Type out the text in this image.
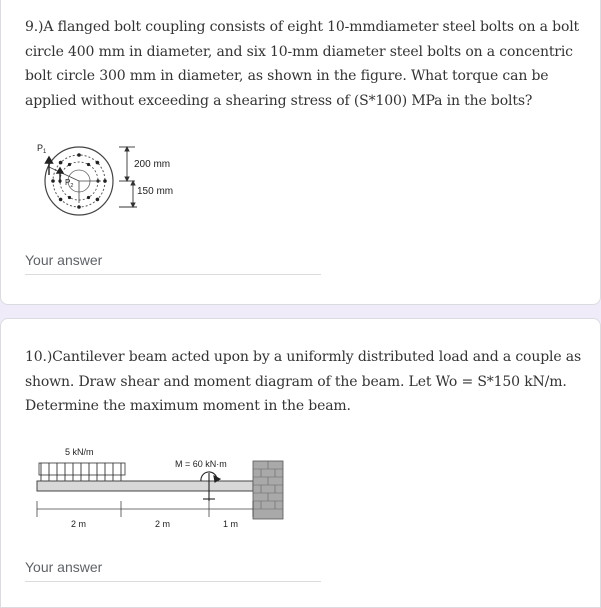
9.)A flanged bolt coupling consists of eight 10-mmdiameter steel bolts on a bolt circle 400 mm in diameter, and six 10-mm diameter steel bolts on a concentric bolt circle 300 mm in diameter, as shown in the figure. What torque can be applied without exceeding a shearing stress of (S*100) MPa in the bolts?
$P_1$
$P_2$
200 mm
150 mm
Your answer
10.)Cantilever beam acted upon by a uniformly distributed load and a couple as shown. Draw shear and moment diagram of the beam. Let Wo = S*150 kN/m. Determine the maximum moment in the beam.
5 kN/m
M = 60 kN·m
2 m	2 m	1 m
Your answer
